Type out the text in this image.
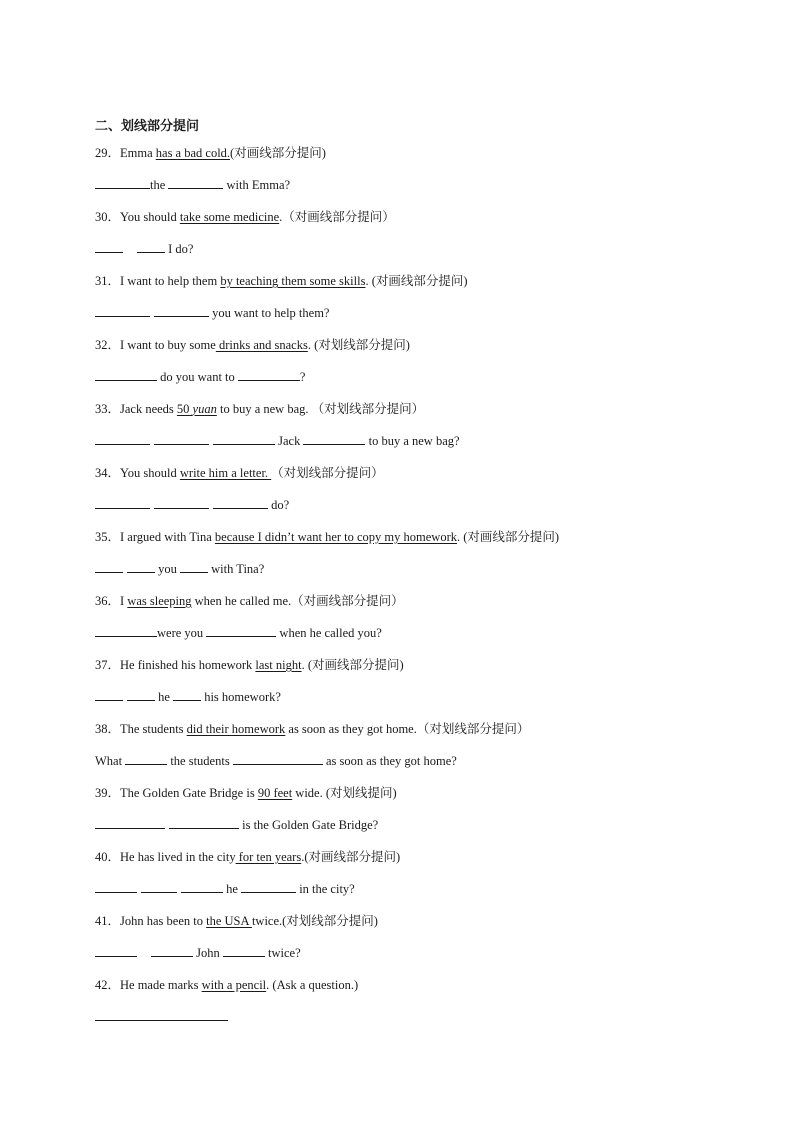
二、划线部分提问
29．Emma has a bad cold.(对画线部分提问)
the	with Emma?
30．You should take some medicine.（对画线部分提问）
I do?
31．I want to help them by teaching them some skills. (对画线部分提问)
you want to help them?
32．I want to buy some drinks and snacks. (对划线部分提问)
do you want to	?
33．Jack needs 50 yuan to buy a new bag. （对划线部分提问）
Jack	to buy a new bag?
34．You should write him a letter. （对划线部分提问）
do?
35．I argued with Tina because I didn’t want her to copy my homework. (对画线部分提问)
you  with Tina?
36．I was sleeping when he called me.（对画线部分提问）
were you	when he called you?
37．He finished his homework last night. (对画线部分提问)
he  his homework?
38．The students did their homework as soon as they got home.（对划线部分提问）
What	the students	as soon as they got home?
39．The Golden Gate Bridge is 90 feet wide. (对划线提问)
is the Golden Gate Bridge?
40．He has lived in the city for ten years.(对画线部分提问)
he	in the city?
41．John has been to the USA twice.(对划线部分提问)
John	twice?
42．He made marks with a pencil. (Ask a question.)
